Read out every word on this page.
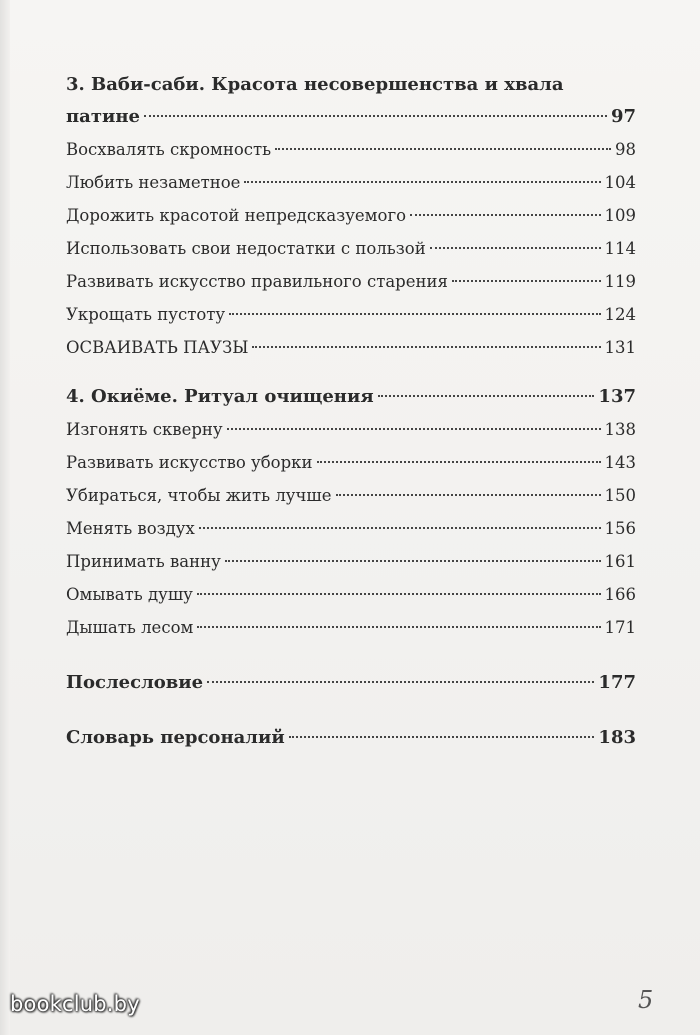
3. Ваби-саби. Красота несовершенства и хвала
патине	97
Восхвалять скромность	98
Любить незаметное	104
Дорожить красотой непредсказуемого	109
Использовать свои недостатки с пользой	114
Развивать искусство правильного старения	119
Укрощать пустоту	124
ОСВАИВАТЬ ПАУЗЫ	131
4. Окиёме. Ритуал очищения	137
Изгонять скверну	138
Развивать искусство уборки	143
Убираться, чтобы жить лучше	150
Менять воздух	156
Принимать ванну	161
Омывать душу	166
Дышать лесом	171
Послесловие	177
Словарь персоналий	183
bookclub.by	5
